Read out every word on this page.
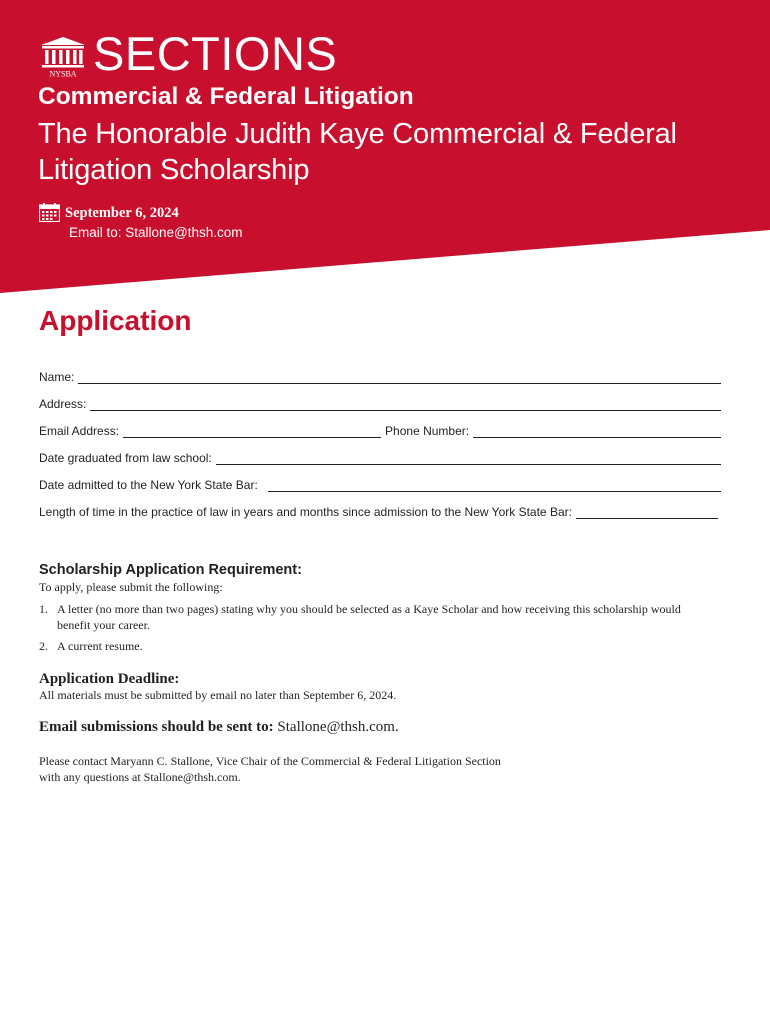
NYSBA SECTIONS
Commercial & Federal Litigation
The Honorable Judith Kaye Commercial & Federal Litigation Scholarship
September 6, 2024
Email to: Stallone@thsh.com
Application
Name:
Address:
Email Address:	Phone Number:
Date graduated from law school:
Date admitted to the New York State Bar:
Length of time in the practice of law in years and months since admission to the New York State Bar:
Scholarship Application Requirement:
To apply, please submit the following:
1. A letter (no more than two pages) stating why you should be selected as a Kaye Scholar and how receiving this scholarship would benefit your career.
2. A current resume.
Application Deadline:
All materials must be submitted by email no later than September 6, 2024.
Email submissions should be sent to: Stallone@thsh.com.
Please contact Maryann C. Stallone, Vice Chair of the Commercial & Federal Litigation Section with any questions at Stallone@thsh.com.
